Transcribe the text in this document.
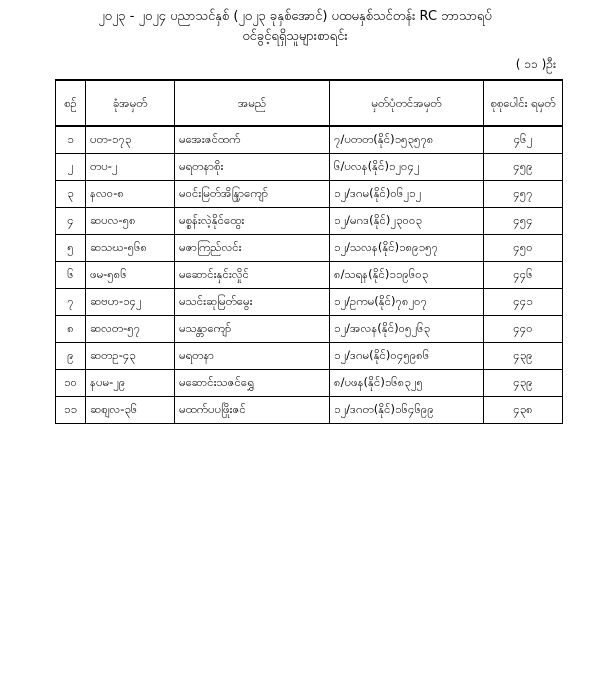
၂၀၂၃ - ၂၀၂၄ ပညာသင်နှစ် (၂၀၂၃ ခုနှစ်အောင်) ပထမနှစ်သင်တန်း RC ဘာသာရပ်
ဝင်ခွင့်ရရှိသူများစာရင်း
( ၁၁ )ဦး
စဉ်	ခုံအမှတ်	အမည်	မှတ်ပုံတင်အမှတ်	စုစုပေါင်း ရမှတ်
၁	ပတ-၁၇၃	မအေးဇင်ထက်	၇/ပတတ(နိုင်)၁၅၃၅၇၈	၄၆၂
၂	တပ-၂	မရတနာစိုး	၆/ပလန(နိုင်)၁၂၀၄၂	၄၅၉
၃	နလဝ-၈	မဝင်းမြတ်အိန္ဒြာကျော်	၁၂/ဒဂမ(နိုင်)၀၆၂၁၂	၄၅၇
၄	ဆပလ-၅၈	မစ္စန်းလဲ့နိုင်ထွေး	၁၂/မဂဒ(နိုင်)၂၃၀၀၃	၄၅၄
၅	ဆသဃ-၅၆၈	မဇာကြည်လင်း	၁၂/သလန(နိုင်)၁၈၉၁၅၇	၄၅၀
၆	ဖမ-၅၈၆	မဆောင်းနှင်းလှိုင်	၈/သရန(နိုင်)၁၁၉၆၀၃	၄၄၆
၇	ဆဗဟ-၁၄၂	မသင်းဆုမြတ်မွေး	၁၂/ဥကမ(နိုင်)၇၈၂၀၇	၄၄၁
၈	ဆလတ-၅၇	မသန္တာကျော်	၁၂/အလန(နိုင်)၀၅၂၆၃	၄၄၀
၉	ဆတဥ-၄၃	မရတနာ	၁၂/ဒဂမ(နိုင်)၀၄၅၉၈၆	၄၃၉
၁၀	နပမ-၂၉	မဆောင်းသဇင်ရွှေ	၈/ပဖန(နိုင်)၁၆၈၃၂၅	၄၃၉
၁၁	ဆစျလ-၃၆	မထက်ပပဖြိုးဇင်	၁၂/ဒဂတ(နိုင်)၁၆၄၆၉၉	၄၃၈
